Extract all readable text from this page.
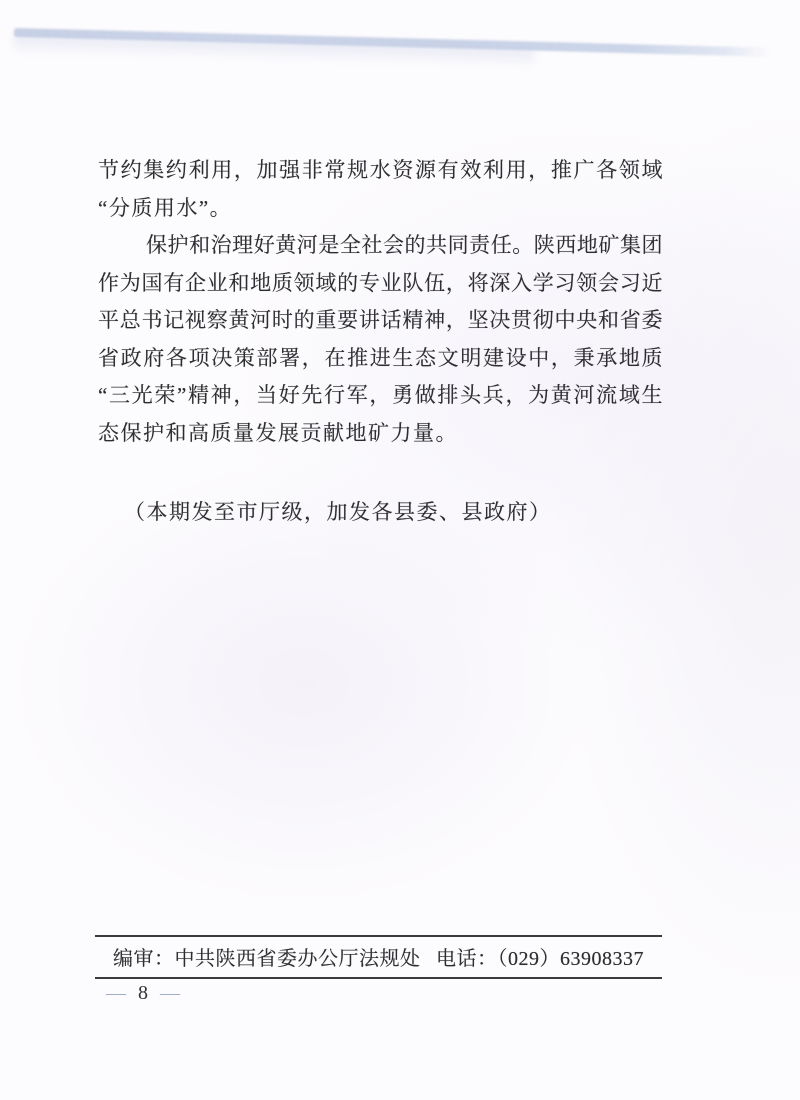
节约集约利用，加强非常规水资源有效利用，推广各领域
“分质用水”。
保护和治理好黄河是全社会的共同责任。陕西地矿集团
作为国有企业和地质领域的专业队伍，将深入学习领会习近
平总书记视察黄河时的重要讲话精神，坚决贯彻中央和省委
省政府各项决策部署，在推进生态文明建设中，秉承地质
“三光荣”精神，当好先行军，勇做排头兵，为黄河流域生
态保护和高质量发展贡献地矿力量。
（本期发至市厅级，加发各县委、县政府）
编审：中共陕西省委办公厅法规处 电话：（029）63908337
— 8 —
